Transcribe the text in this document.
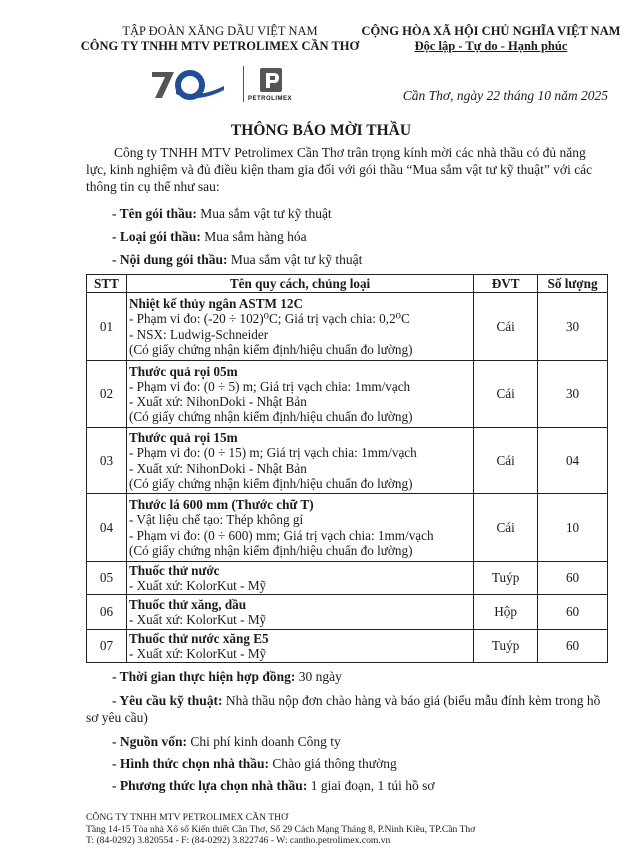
TẬP ĐOÀN XĂNG DẦU VIỆT NAM
CÔNG TY TNHH MTV PETROLIMEX CẦN THƠ
CỘNG HÒA XÃ HỘI CHỦ NGHĨA VIỆT NAM
Độc lập - Tự do - Hạnh phúc
PETROLIMEX	Cần Thơ, ngày 22 tháng 10 năm 2025
THÔNG BÁO MỜI THẦU

Công ty TNHH MTV Petrolimex Cần Thơ trân trọng kính mời các nhà thầu có đủ năng lực, kinh nghiệm và đủ điều kiện tham gia đối với gói thầu “Mua sắm vật tư kỹ thuật” với các thông tin cụ thể như sau:

- Tên gói thầu: Mua sắm vật tư kỹ thuật
- Loại gói thầu: Mua sắm hàng hóa
- Nội dung gói thầu: Mua sắm vật tư kỹ thuật
STT	Tên quy cách, chủng loại	ĐVT	Số lượng
01	Nhiệt kế thủy ngân ASTM 12C
- Phạm vi đo: (-20 ÷ 102)⁰C; Giá trị vạch chia: 0,2⁰C
- NSX: Ludwig-Schneider
(Có giấy chứng nhận kiểm định/hiệu chuẩn đo lường)	Cái	30
02	Thước quả rọi 05m
- Phạm vi đo: (0 ÷ 5) m; Giá trị vạch chia: 1mm/vạch
- Xuất xứ: NihonDoki - Nhật Bản
(Có giấy chứng nhận kiểm định/hiệu chuẩn đo lường)	Cái	30
03	Thước quả rọi 15m
- Phạm vi đo: (0 ÷ 15) m; Giá trị vạch chia: 1mm/vạch
- Xuất xứ: NihonDoki - Nhật Bản
(Có giấy chứng nhận kiểm định/hiệu chuẩn đo lường)	Cái	04
04	Thước lá 600 mm (Thước chữ T)
- Vật liệu chế tạo: Thép không gỉ
- Phạm vi đo: (0 ÷ 600) mm; Giá trị vạch chia: 1mm/vạch
(Có giấy chứng nhận kiểm định/hiệu chuẩn đo lường)	Cái	10
05	Thuốc thử nước
- Xuất xứ: KolorKut - Mỹ	Tuýp	60
06	Thuốc thử xăng, dầu
- Xuất xứ: KolorKut - Mỹ	Hộp	60
07	Thuốc thử nước xăng E5
- Xuất xứ: KolorKut - Mỹ	Tuýp	60
- Thời gian thực hiện hợp đồng: 30 ngày
- Yêu cầu kỹ thuật: Nhà thầu nộp đơn chào hàng và báo giá (biểu mẫu đính kèm trong hồ sơ yêu cầu)
- Nguồn vốn: Chi phí kinh doanh Công ty
- Hình thức chọn nhà thầu: Chào giá thông thường
- Phương thức lựa chọn nhà thầu: 1 giai đoạn, 1 túi hồ sơ
CÔNG TY TNHH MTV PETROLIMEX CẦN THƠ
Tầng 14-15 Tòa nhà Xổ số Kiến thiết Cần Thơ, Số 29 Cách Mạng Tháng 8, P.Ninh Kiều, TP.Cần Thơ
T: (84-0292) 3.820554 - F: (84-0292) 3.822746 - W: cantho.petrolimex.com.vn
